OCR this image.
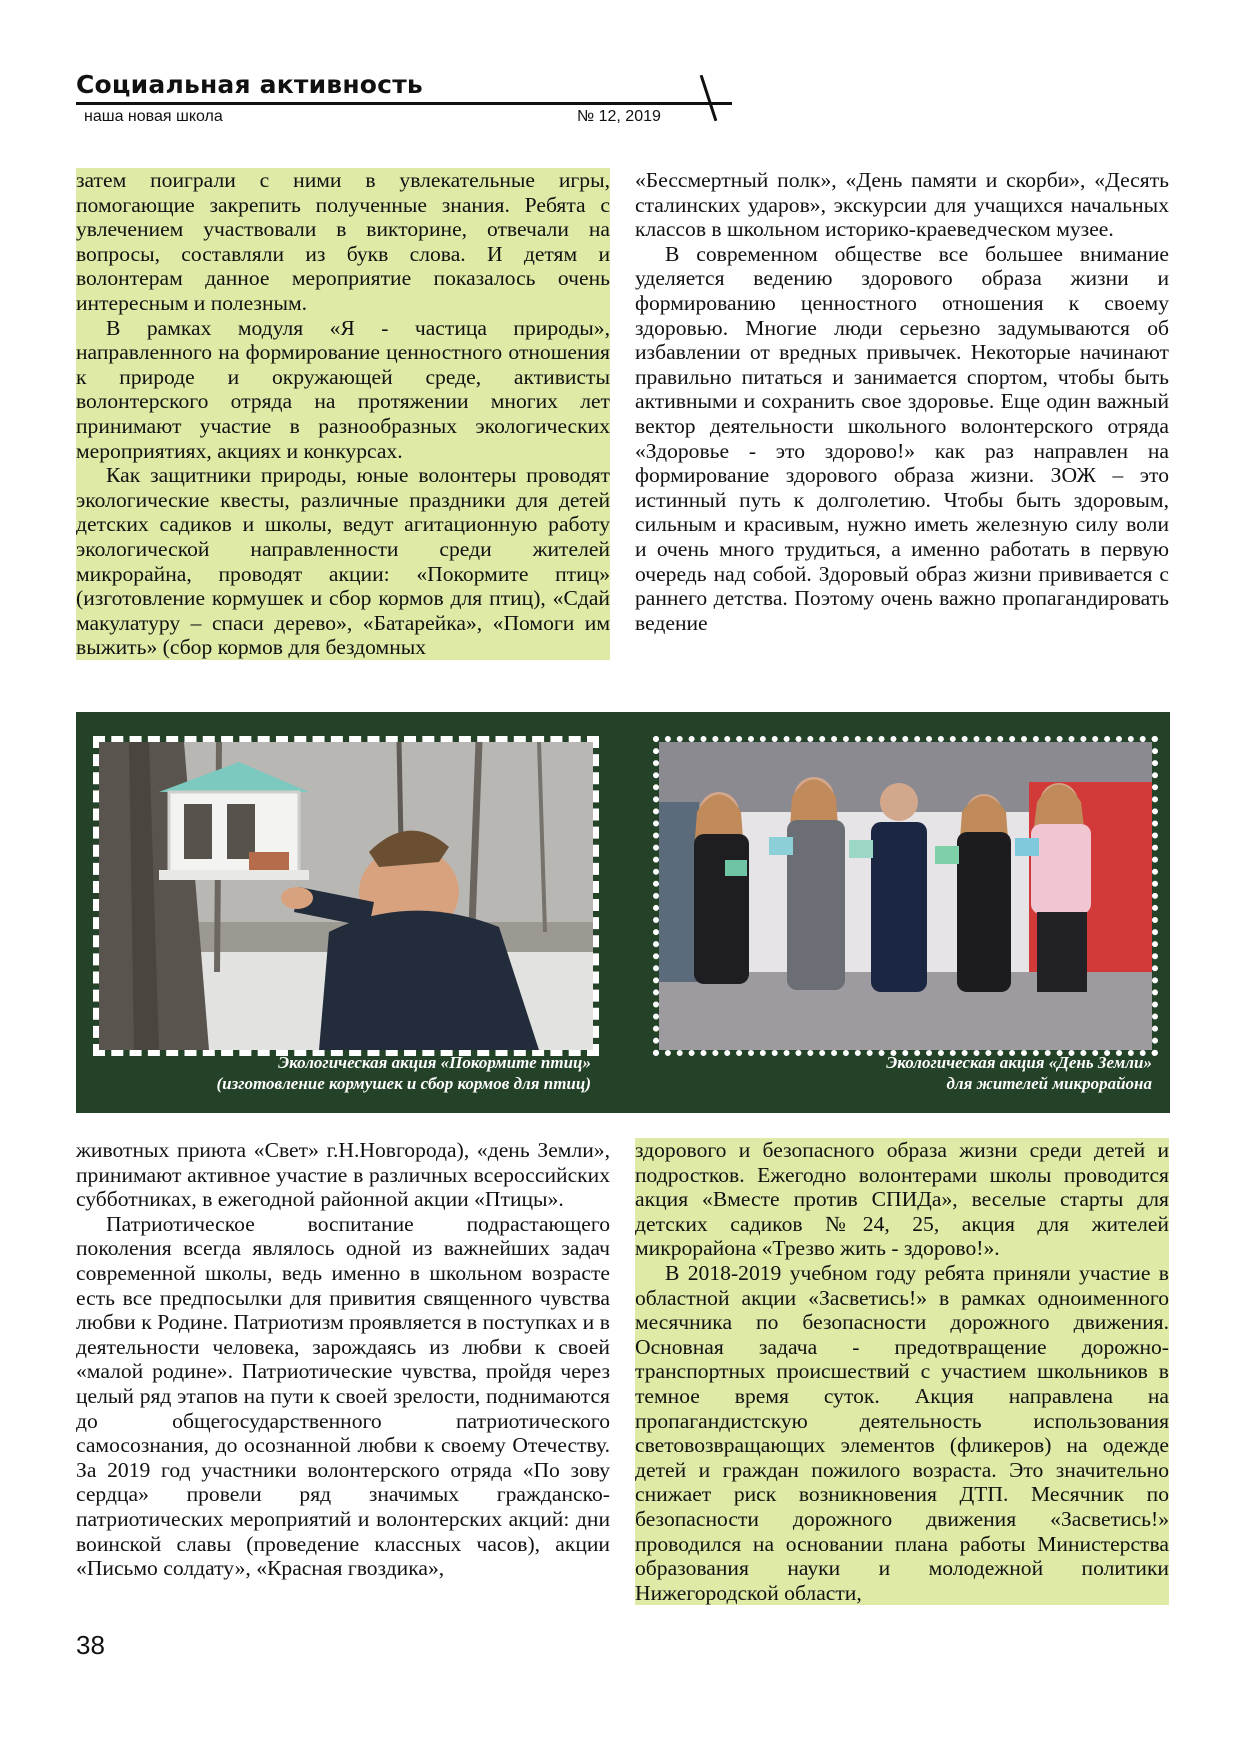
Социальная активность
наша новая школа	№ 12, 2019

затем поиграли с ними в увлекательные игры, помогающие закрепить полученные знания. Ребята с увлечением участвовали в викторине, отвечали на вопросы, составляли из букв слова. И детям и волонтерам данное мероприятие показалось очень интересным и полезным.

В рамках модуля «Я - частица природы», направленного на формирование ценностного отношения к природе и окружающей среде, активисты волонтерского отряда на протяжении многих лет принимают участие в разнообразных экологических мероприятиях, акциях и конкурсах.

Как защитники природы, юные волонтеры проводят экологические квесты, различные праздники для детей детских садиков и школы, ведут агитационную работу экологической направленности среди жителей микрорайна, проводят акции: «Покормите птиц» (изготовление кормушек и сбор кормов для птиц), «Сдай макулатуру – спаси дерево», «Батарейка», «Помоги им выжить» (сбор кормов для бездомных

«Бессмертный полк», «День памяти и скорби», «Десять сталинских ударов», экскурсии для учащихся начальных классов в школьном историко-краеведческом музее.

В современном обществе все большее внимание уделяется ведению здорового образа жизни и формированию ценностного отношения к своему здоровью. Многие люди серьезно задумываются об избавлении от вредных привычек. Некоторые начинают правильно питаться и занимается спортом, чтобы быть активными и сохранить свое здоровье. Еще один важный вектор деятельности школьного волонтерского отряда «Здоровье - это здорово!» как раз направлен на формирование здорового образа жизни. ЗОЖ – это истинный путь к долголетию. Чтобы быть здоровым, сильным и красивым, нужно иметь железную силу воли и очень много трудиться, а именно работать в первую очередь над собой. Здоровый образ жизни прививается с раннего детства. Поэтому очень важно пропагандировать ведение

Экологическая акция «Покормите птиц»
(изготовление кормушек и сбор кормов для птиц)
Экологическая акция «День Земли»
для жителей микрорайона

животных приюта «Свет» г.Н.Новгорода), «день Земли», принимают активное участие в различных всероссийских субботниках, в ежегодной районной акции «Птицы».

Патриотическое воспитание подрастающего поколения всегда являлось одной из важнейших задач современной школы, ведь именно в школьном возрасте есть все предпосылки для привития священного чувства любви к Родине. Патриотизм проявляется в поступках и в деятельности человека, зарождаясь из любви к своей «малой родине». Патриотические чувства, пройдя через целый ряд этапов на пути к своей зрелости, поднимаются до общегосударственного патриотического самосознания, до осознанной любви к своему Отечеству. За 2019 год участники волонтерского отряда «По зову сердца» провели ряд значимых гражданско-патриотических мероприятий и волонтерских акций: дни воинской славы (проведение классных часов), акции «Письмо солдату», «Красная гвоздика»,

здорового и безопасного образа жизни среди детей и подростков. Ежегодно волонтерами школы проводится акция «Вместе против СПИДа», веселые старты для детских садиков №24, 25, акция для жителей микрорайона «Трезво жить - здорово!».

В 2018-2019 учебном году ребята приняли участие в областной акции «Засветись!» в рамках одноименного месячника по безопасности дорожного движения. Основная задача - предотвращение дорожно-транспортных происшествий с участием школьников в темное время суток. Акция направлена на пропагандистскую деятельность использования световозвращающих элементов (фликеров) на одежде детей и граждан пожилого возраста. Это значительно снижает риск возникновения ДТП. Месячник по безопасности дорожного движения «Засветись!» проводился на основании плана работы Министерства образования науки и молодежной политики Нижегородской области,

38
